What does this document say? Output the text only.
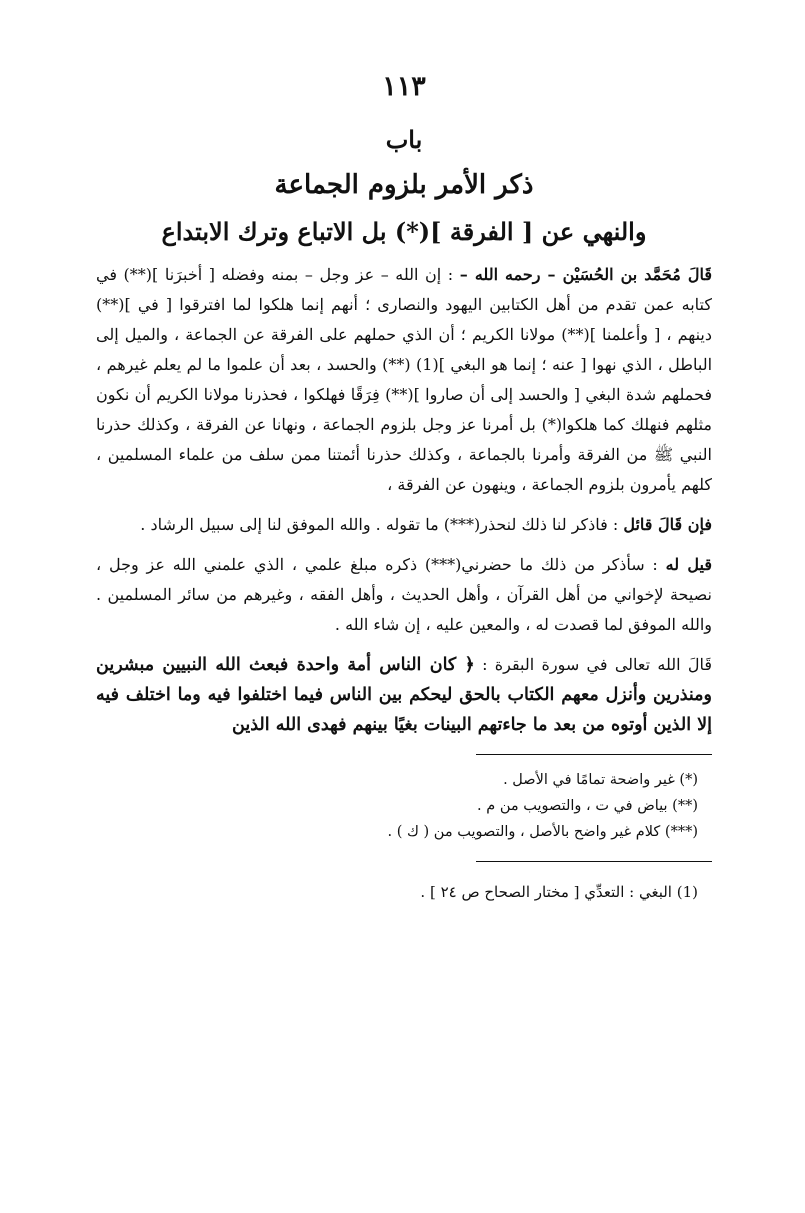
١١٣
باب
ذكر الأمر بلزوم الجماعة
والنهي عن [ الفرقة ](*) بل الاتباع وترك الابتداع

قَالَ مُحَمَّد بن الحُسَيْن – رحمه الله – : إن الله – عز وجل – بمنه وفضله [ أخبرَنا ](**) في كتابه عمن تقدم من أهل الكتابين اليهود والنصارى ؛ أنهم إنما هلكوا لما افترقوا [ في ](**) دينهم ، [ وأعلمنا ](**) مولانا الكريم ؛ أن الذي حملهم على الفرقة عن الجماعة ، والميل إلى الباطل ، الذي نهوا [ عنه ؛ إنما هو البغي ](1) (**) والحسد ، بعد أن علموا ما لم يعلم غيرهم ، فحملهم شدة البغي [ والحسد إلى أن صاروا ](**) فِرَقًا فهلكوا ، فحذرنا مولانا الكريم أن نكون مثلهم فنهلك كما هلكوا(*) بل أمرنا عز وجل بلزوم الجماعة ، ونهانا عن الفرقة ، وكذلك حذرنا النبي ﷺ من الفرقة وأمرنا بالجماعة ، وكذلك حذرنا أئمتنا ممن سلف من علماء المسلمين ، كلهم يأمرون بلزوم الجماعة ، وينهون عن الفرقة ،

فإن قَالَ قائل : فاذكر لنا ذلك لنحذر(***) ما تقوله . والله الموفق لنا إلى سبيل الرشاد .

قيل له : سأذكر من ذلك ما حضرني(***) ذكره مبلغ علمي ، الذي علمني الله عز وجل ، نصيحة لإخواني من أهل القرآن ، وأهل الحديث ، وأهل الفقه ، وغيرهم من سائر المسلمين . والله الموفق لما قصدت له ، والمعين عليه ، إن شاء الله .

قَالَ الله تعالى في سورة البقرة : ﴿ كان الناس أمة واحدة فبعث الله النبيين مبشرين ومنذرين وأنزل معهم الكتاب بالحق ليحكم بين الناس فيما اختلفوا فيه وما اختلف فيه إلا الذين أوتوه من بعد ما جاءتهم البينات بغيًا بينهم فهدى الله الذين

(*) غير واضحة تمامًا في الأصل .

(**) بياض في ت ، والتصويب من م .

(***) كلام غير واضح بالأصل ، والتصويب من ( ك ) .

(1) البغي : التعدِّي [ مختار الصحاح ص ٢٤ ] .
